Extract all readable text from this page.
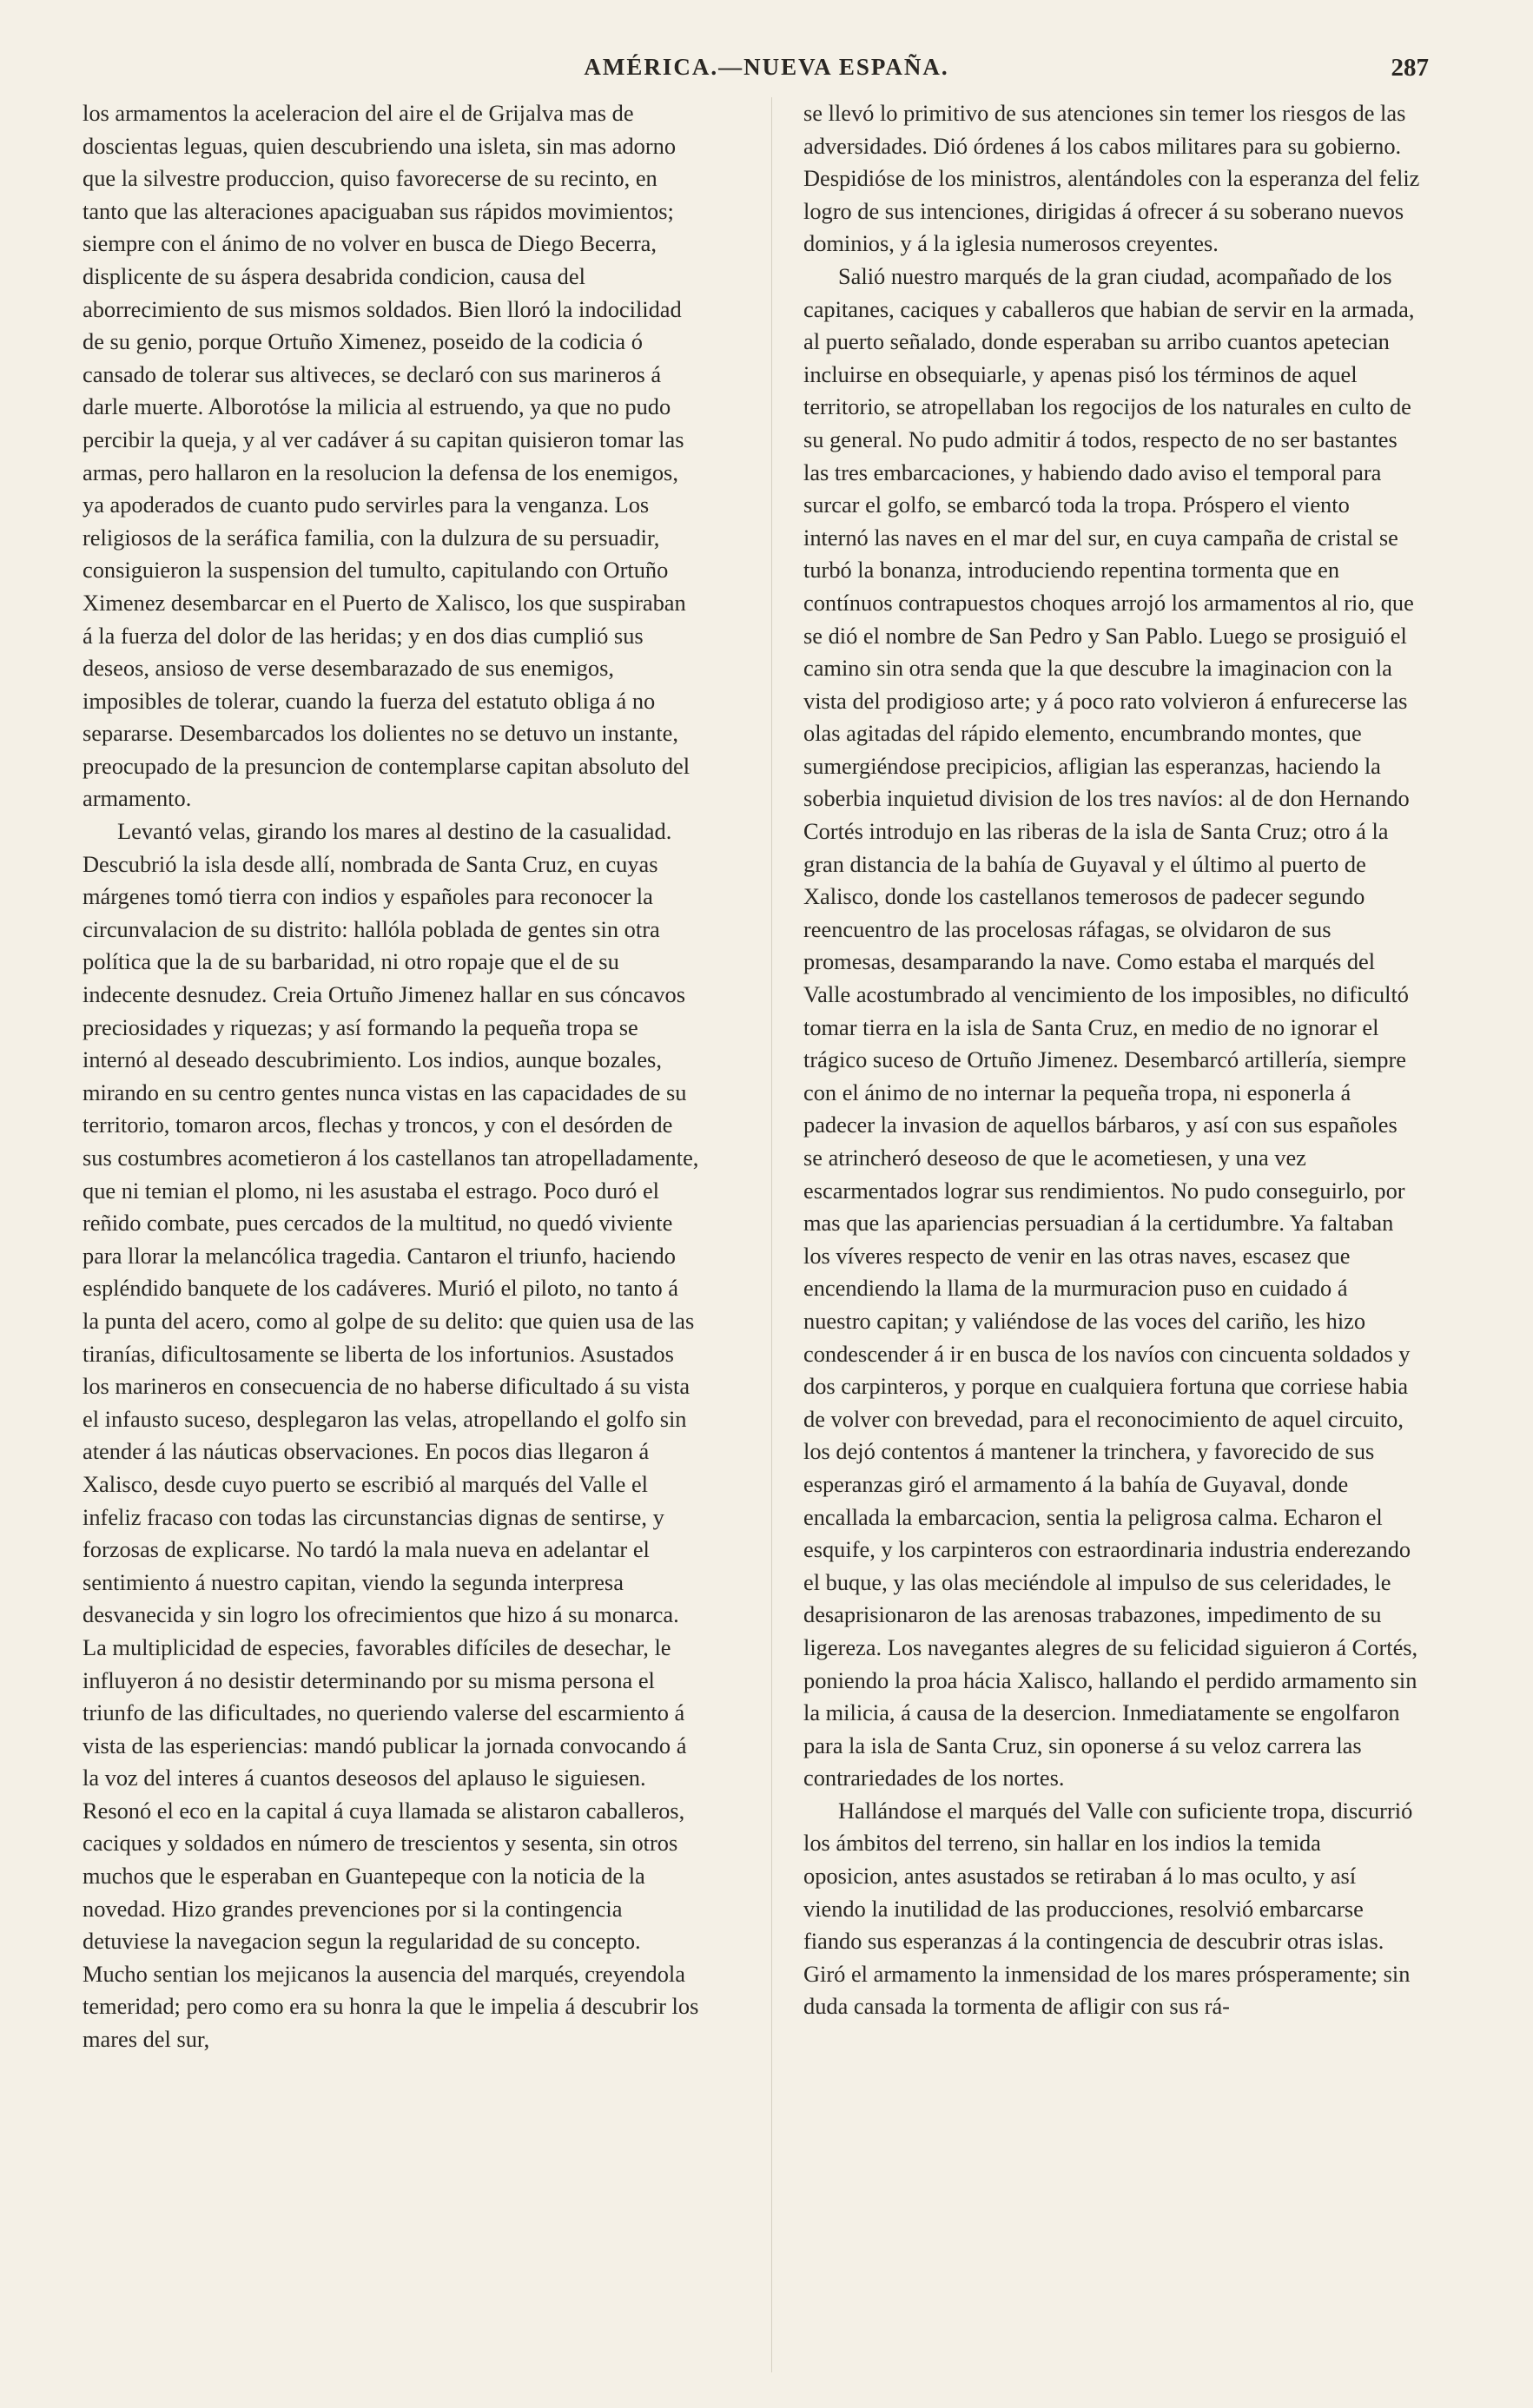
AMÉRICA.—NUEVA ESPAÑA.	287

los armamentos la aceleracion del aire el de Grijalva mas de doscientas leguas, quien descubriendo una isleta, sin mas adorno que la silvestre produccion, quiso favorecerse de su recinto, en tanto que las alteraciones apaciguaban sus rápidos movimientos; siempre con el ánimo de no volver en busca de Diego Becerra, displicente de su áspera desabrida condicion, causa del aborrecimiento de sus mismos soldados. Bien lloró la indocilidad de su genio, porque Ortuño Ximenez, poseido de la codicia ó cansado de tolerar sus altiveces, se declaró con sus marineros á darle muerte. Alborotóse la milicia al estruendo, ya que no pudo percibir la queja, y al ver cadáver á su capitan quisieron tomar las armas, pero hallaron en la resolucion la defensa de los enemigos, ya apoderados de cuanto pudo servirles para la venganza. Los religiosos de la seráfica familia, con la dulzura de su persuadir, consiguieron la suspension del tumulto, capitulando con Ortuño Ximenez desembarcar en el Puerto de Xalisco, los que suspiraban á la fuerza del dolor de las heridas; y en dos dias cumplió sus deseos, ansioso de verse desembarazado de sus enemigos, imposibles de tolerar, cuando la fuerza del estatuto obliga á no separarse. Desembarcados los dolientes no se detuvo un instante, preocupado de la presuncion de contemplarse capitan absoluto del armamento.

Levantó velas, girando los mares al destino de la casualidad. Descubrió la isla desde allí, nombrada de Santa Cruz, en cuyas márgenes tomó tierra con indios y españoles para reconocer la circunvalacion de su distrito: hallóla poblada de gentes sin otra política que la de su barbaridad, ni otro ropaje que el de su indecente desnudez. Creia Ortuño Jimenez hallar en sus cóncavos preciosidades y riquezas; y así formando la pequeña tropa se internó al deseado descubrimiento. Los indios, aunque bozales, mirando en su centro gentes nunca vistas en las capacidades de su territorio, tomaron arcos, flechas y troncos, y con el desórden de sus costumbres acometieron á los castellanos tan atropelladamente, que ni temian el plomo, ni les asustaba el estrago. Poco duró el reñido combate, pues cercados de la multitud, no quedó viviente para llorar la melancólica tragedia. Cantaron el triunfo, haciendo espléndido banquete de los cadáveres. Murió el piloto, no tanto á la punta del acero, como al golpe de su delito: que quien usa de las tiranías, dificultosamente se liberta de los infortunios. Asustados los marineros en consecuencia de no haberse dificultado á su vista el infausto suceso, desplegaron las velas, atropellando el golfo sin atender á las náuticas observaciones. En pocos dias llegaron á Xalisco, desde cuyo puerto se escribió al marqués del Valle el infeliz fracaso con todas las circunstancias dignas de sentirse, y forzosas de explicarse. No tardó la mala nueva en adelantar el sentimiento á nuestro capitan, viendo la segunda interpresa desvanecida y sin logro los ofrecimientos que hizo á su monarca. La multiplicidad de especies, favorables difíciles de desechar, le influyeron á no desistir determinando por su misma persona el triunfo de las dificultades, no queriendo valerse del escarmiento á vista de las esperiencias: mandó publicar la jornada convocando á la voz del interes á cuantos deseosos del aplauso le siguiesen. Resonó el eco en la capital á cuya llamada se alistaron caballeros, caciques y soldados en número de trescientos y sesenta, sin otros muchos que le esperaban en Guantepeque con la noticia de la novedad. Hizo grandes prevenciones por si la contingencia detuviese la navegacion segun la regularidad de su concepto. Mucho sentian los mejicanos la ausencia del marqués, creyendola temeridad; pero como era su honra la que le impelia á descubrir los mares del sur,

se llevó lo primitivo de sus atenciones sin temer los riesgos de las adversidades. Dió órdenes á los cabos militares para su gobierno. Despidióse de los ministros, alentándoles con la esperanza del feliz logro de sus intenciones, dirigidas á ofrecer á su soberano nuevos dominios, y á la iglesia numerosos creyentes.

Salió nuestro marqués de la gran ciudad, acompañado de los capitanes, caciques y caballeros que habian de servir en la armada, al puerto señalado, donde esperaban su arribo cuantos apetecian incluirse en obsequiarle, y apenas pisó los términos de aquel territorio, se atropellaban los regocijos de los naturales en culto de su general. No pudo admitir á todos, respecto de no ser bastantes las tres embarcaciones, y habiendo dado aviso el temporal para surcar el golfo, se embarcó toda la tropa. Próspero el viento internó las naves en el mar del sur, en cuya campaña de cristal se turbó la bonanza, introduciendo repentina tormenta que en contínuos contrapuestos choques arrojó los armamentos al rio, que se dió el nombre de San Pedro y San Pablo. Luego se prosiguió el camino sin otra senda que la que descubre la imaginacion con la vista del prodigioso arte; y á poco rato volvieron á enfurecerse las olas agitadas del rápido elemento, encumbrando montes, que sumergiéndose precipicios, afligian las esperanzas, haciendo la soberbia inquietud division de los tres navíos: al de don Hernando Cortés introdujo en las riberas de la isla de Santa Cruz; otro á la gran distancia de la bahía de Guyaval y el último al puerto de Xalisco, donde los castellanos temerosos de padecer segundo reencuentro de las procelosas ráfagas, se olvidaron de sus promesas, desamparando la nave. Como estaba el marqués del Valle acostumbrado al vencimiento de los imposibles, no dificultó tomar tierra en la isla de Santa Cruz, en medio de no ignorar el trágico suceso de Ortuño Jimenez. Desembarcó artillería, siempre con el ánimo de no internar la pequeña tropa, ni esponerla á padecer la invasion de aquellos bárbaros, y así con sus españoles se atrincheró deseoso de que le acometiesen, y una vez escarmentados lograr sus rendimientos. No pudo conseguirlo, por mas que las apariencias persuadian á la certidumbre. Ya faltaban los víveres respecto de venir en las otras naves, escasez que encendiendo la llama de la murmuracion puso en cuidado á nuestro capitan; y valiéndose de las voces del cariño, les hizo condescender á ir en busca de los navíos con cincuenta soldados y dos carpinteros, y porque en cualquiera fortuna que corriese habia de volver con brevedad, para el reconocimiento de aquel circuito, los dejó contentos á mantener la trinchera, y favorecido de sus esperanzas giró el armamento á la bahía de Guyaval, donde encallada la embarcacion, sentia la peligrosa calma. Echaron el esquife, y los carpinteros con estraordinaria industria enderezando el buque, y las olas meciéndole al impulso de sus celeridades, le desaprisionaron de las arenosas trabazones, impedimento de su ligereza. Los navegantes alegres de su felicidad siguieron á Cortés, poniendo la proa hácia Xalisco, hallando el perdido armamento sin la milicia, á causa de la desercion. Inmediatamente se engolfaron para la isla de Santa Cruz, sin oponerse á su veloz carrera las contrariedades de los nortes.

Hallándose el marqués del Valle con suficiente tropa, discurrió los ámbitos del terreno, sin hallar en los indios la temida oposicion, antes asustados se retiraban á lo mas oculto, y así viendo la inutilidad de las producciones, resolvió embarcarse fiando sus esperanzas á la contingencia de descubrir otras islas. Giró el armamento la inmensidad de los mares prósperamente; sin duda cansada la tormenta de afligir con sus rá-
